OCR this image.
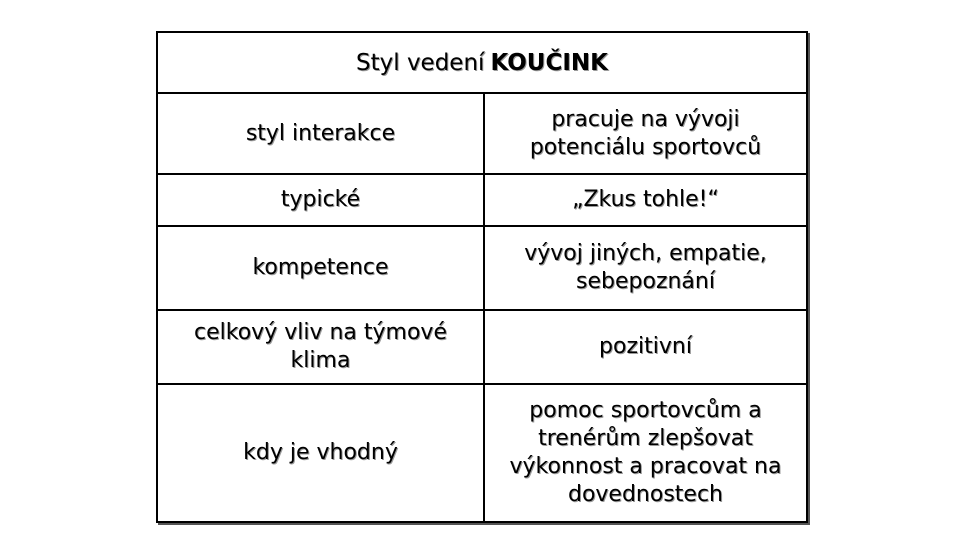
Styl vedení KOUČINK
styl interakce
pracuje na vývoji
potenciálu sportovců
typické	„Zkus tohle!“
kompetence
vývoj jiných, empatie,
sebepoznání
celkový vliv na týmové
klima
pozitivní
kdy je vhodný
pomoc sportovcům a
trenérům zlepšovat
výkonnost a pracovat na
dovednostech
